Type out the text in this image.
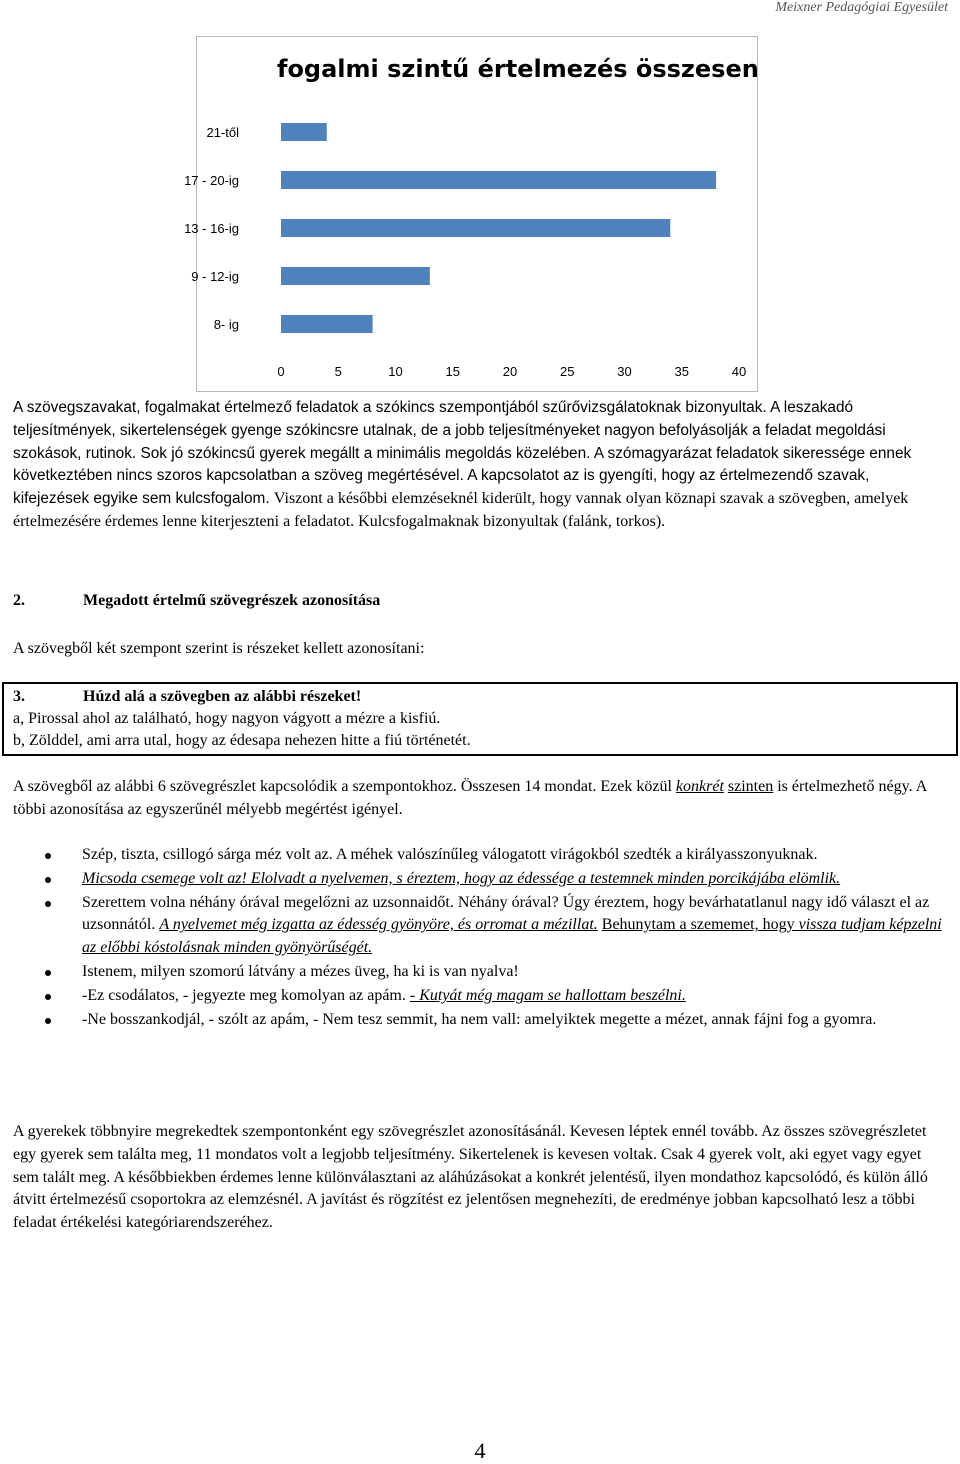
Meixner Pedagógiai Egyesület
fogalmi szintű értelmezés összesen
21-től
17 - 20-ig
13 - 16-ig
9 - 12-ig
8- ig
0	5	10	15	20	25	30	35	40
A szövegszavakat, fogalmakat értelmező feladatok a szókincs szempontjából szűrővizsgálatoknak bizonyultak. A leszakadó teljesítmények, sikertelenségek gyenge szókincsre utalnak, de a jobb teljesítményeket nagyon befolyásolják a feladat megoldási szokások, rutinok. Sok jó szókincsű gyerek megállt a minimális megoldás közelében. A szómagyarázat feladatok sikeressége ennek következtében nincs szoros kapcsolatban a szöveg megértésével. A kapcsolatot az is gyengíti, hogy az értelmezendő szavak, kifejezések egyike sem kulcsfogalom. Viszont a későbbi elemzéseknél kiderült, hogy vannak olyan köznapi szavak a szövegben, amelyek értelmezésére érdemes lenne kiterjeszteni a feladatot. Kulcsfogalmaknak bizonyultak (falánk, torkos).
2.	Megadott értelmű szövegrészek azonosítása
A szövegből két szempont szerint is részeket kellett azonosítani:
3.	Húzd alá a szövegben az alábbi részeket!
a, Pirossal ahol az található, hogy nagyon vágyott a mézre a kisfiú.
b, Zölddel, ami arra utal, hogy az édesapa nehezen hitte a fiú történetét.
A szövegből az alábbi 6 szövegrészlet kapcsolódik a szempontokhoz. Összesen 14 mondat. Ezek közül konkrét szinten is értelmezhető négy. A többi azonosítása az egyszerűnél mélyebb megértést igényel.
Szép, tiszta, csillogó sárga méz volt az. A méhek valószínűleg válogatott virágokból szedték a királyasszonyuknak.
Micsoda csemege volt az! Elolvadt a nyelvemen, s éreztem, hogy az édessége a testemnek minden porcikájába elömlik.
Szerettem volna néhány órával megelőzni az uzsonnaidőt. Néhány órával? Úgy éreztem, hogy bevárhatatlanul nagy idő választ el az uzsonnától. A nyelvemet még izgatta az édesség gyönyöre, és orromat a mézillat. Behunytam a szememet, hogy vissza tudjam képzelni az előbbi kóstolásnak minden gyönyörűségét.
Istenem, milyen szomorú látvány a mézes üveg, ha ki is van nyalva!
-Ez csodálatos, - jegyezte meg komolyan az apám. - Kutyát még magam se hallottam beszélni.
-Ne bosszankodjál, - szólt az apám, - Nem tesz semmit, ha nem vall: amelyiktek megette a mézet, annak fájni fog a gyomra.
A gyerekek többnyire megrekedtek szempontonként egy szövegrészlet azonosításánál. Kevesen léptek ennél tovább. Az összes szövegrészletet egy gyerek sem találta meg, 11 mondatos volt a legjobb teljesítmény. Sikertelenek is kevesen voltak. Csak 4 gyerek volt, aki egyet vagy egyet sem talált meg. A későbbiekben érdemes lenne különválasztani az aláhúzásokat a konkrét jelentésű, ilyen mondathoz kapcsolódó, és külön álló átvitt értelmezésű csoportokra az elemzésnél. A javítást és rögzítést ez jelentősen megnehezíti, de eredménye jobban kapcsolható lesz a többi feladat értékelési kategóriarendszeréhez.
4
